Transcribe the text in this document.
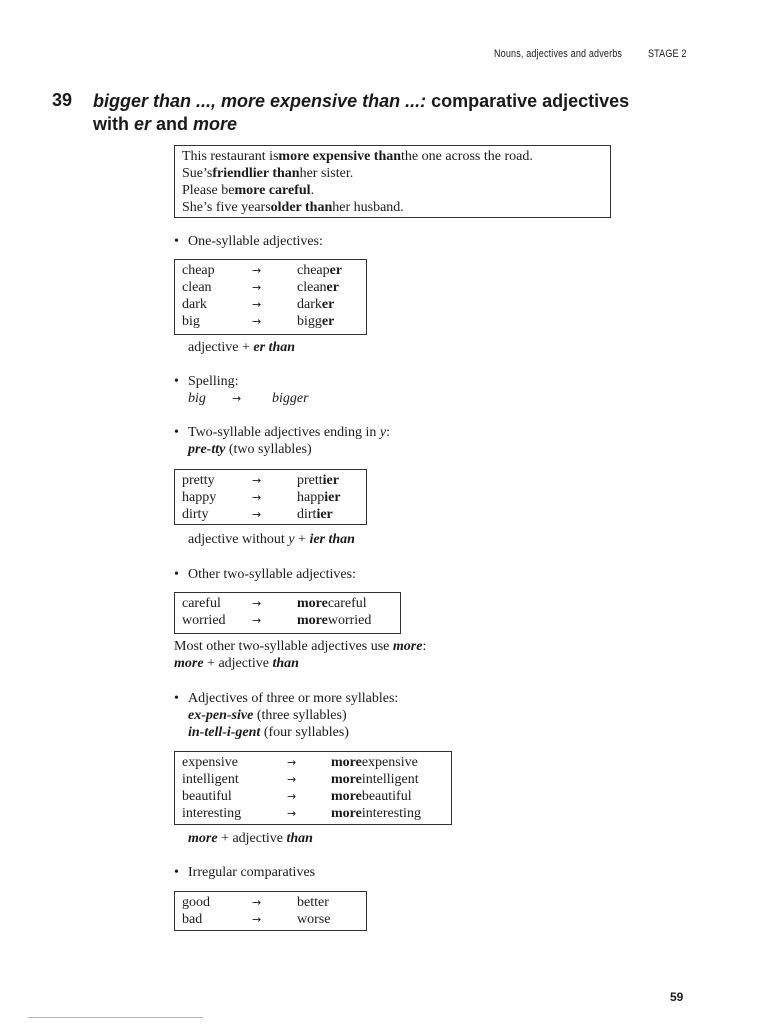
Nouns, adjectives and adverbs STAGE 2
39 bigger than ..., more expensive than ...: comparative adjectives
with er and more
This restaurant is more expensive than the one across the road.
Sue’s friendlier than her sister.
Please be more careful .
She’s five years older than her husband.
• One-syllable adjectives:
cheap	→	cheap er
clean	→	clean er
dark	→	dark er
big	→	bigg er
adjective + er than
• Spelling:
big → bigger
• Two-syllable adjectives ending in y:
pre-tty (two syllables)
pretty	→	prett ier
happy	→	happ ier
dirty	→	dirt ier
adjective without y + ier than
• Other two-syllable adjectives:
careful	→	more careful
worried	→	more worried
Most other two-syllable adjectives use more:
more + adjective than
• Adjectives of three or more syllables:
ex-pen-sive (three syllables)
in-tell-i-gent (four syllables)
expensive	→	more expensive
intelligent	→	more intelligent
beautiful	→	more beautiful
interesting	→	more interesting
more + adjective than
• Irregular comparatives
good	→	better
bad	→	worse
59
